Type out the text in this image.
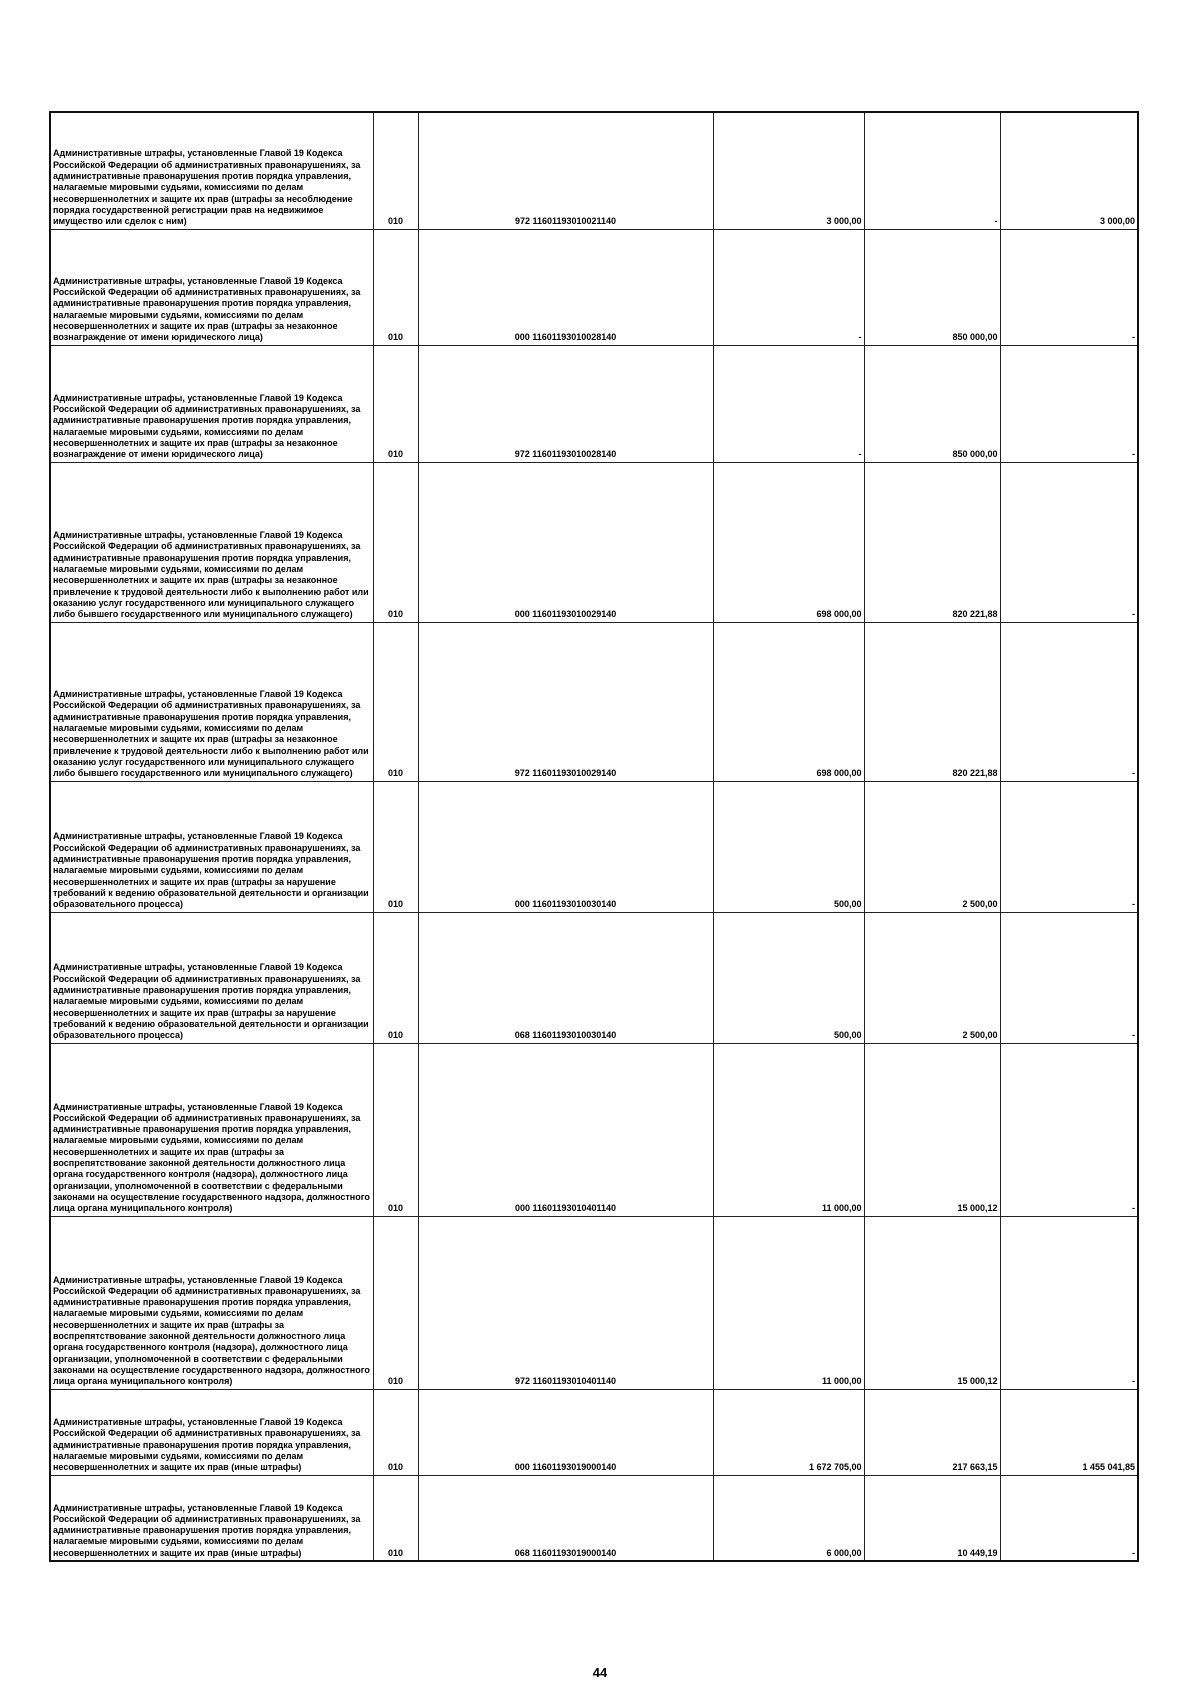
Административные штрафы, установленные Главой 19 Кодекса Российской Федерации об административных правонарушениях, за административные правонарушения против порядка управления, налагаемые мировыми судьями, комиссиями по делам несовершеннолетних и защите их прав (штрафы за несоблюдение порядка государственной регистрации прав на недвижимое имущество или сделок с ним)	010	972 11601193010021140	3 000,00	-	3 000,00
Административные штрафы, установленные Главой 19 Кодекса Российской Федерации об административных правонарушениях, за административные правонарушения против порядка управления, налагаемые мировыми судьями, комиссиями по делам несовершеннолетних и защите их прав (штрафы за незаконное вознаграждение от имени юридического лица)	010	000 11601193010028140	-	850 000,00	-
Административные штрафы, установленные Главой 19 Кодекса Российской Федерации об административных правонарушениях, за административные правонарушения против порядка управления, налагаемые мировыми судьями, комиссиями по делам несовершеннолетних и защите их прав (штрафы за незаконное вознаграждение от имени юридического лица)	010	972 11601193010028140	-	850 000,00	-
Административные штрафы, установленные Главой 19 Кодекса Российской Федерации об административных правонарушениях, за административные правонарушения против порядка управления, налагаемые мировыми судьями, комиссиями по делам несовершеннолетних и защите их прав (штрафы за незаконное привлечение к трудовой деятельности либо к выполнению работ или оказанию услуг государственного или муниципального служащего либо бывшего государственного или муниципального служащего)	010	000 11601193010029140	698 000,00	820 221,88	-
Административные штрафы, установленные Главой 19 Кодекса Российской Федерации об административных правонарушениях, за административные правонарушения против порядка управления, налагаемые мировыми судьями, комиссиями по делам несовершеннолетних и защите их прав (штрафы за незаконное привлечение к трудовой деятельности либо к выполнению работ или оказанию услуг государственного или муниципального служащего либо бывшего государственного или муниципального служащего)	010	972 11601193010029140	698 000,00	820 221,88	-
Административные штрафы, установленные Главой 19 Кодекса Российской Федерации об административных правонарушениях, за административные правонарушения против порядка управления, налагаемые мировыми судьями, комиссиями по делам несовершеннолетних и защите их прав (штрафы за нарушение требований к ведению образовательной деятельности и организации образовательного процесса)	010	000 11601193010030140	500,00	2 500,00	-
Административные штрафы, установленные Главой 19 Кодекса Российской Федерации об административных правонарушениях, за административные правонарушения против порядка управления, налагаемые мировыми судьями, комиссиями по делам несовершеннолетних и защите их прав (штрафы за нарушение требований к ведению образовательной деятельности и организации образовательного процесса)	010	068 11601193010030140	500,00	2 500,00	-
Административные штрафы, установленные Главой 19 Кодекса Российской Федерации об административных правонарушениях, за административные правонарушения против порядка управления, налагаемые мировыми судьями, комиссиями по делам несовершеннолетних и защите их прав (штрафы за воспрепятствование законной деятельности должностного лица органа государственного контроля (надзора), должностного лица организации, уполномоченной в соответствии с федеральными законами на осуществление государственного надзора, должностного лица органа муниципального контроля)	010	000 11601193010401140	11 000,00	15 000,12	-
Административные штрафы, установленные Главой 19 Кодекса Российской Федерации об административных правонарушениях, за административные правонарушения против порядка управления, налагаемые мировыми судьями, комиссиями по делам несовершеннолетних и защите их прав (штрафы за воспрепятствование законной деятельности должностного лица органа государственного контроля (надзора), должностного лица организации, уполномоченной в соответствии с федеральными законами на осуществление государственного надзора, должностного лица органа муниципального контроля)	010	972 11601193010401140	11 000,00	15 000,12	-
Административные штрафы, установленные Главой 19 Кодекса Российской Федерации об административных правонарушениях, за административные правонарушения против порядка управления, налагаемые мировыми судьями, комиссиями по делам несовершеннолетних и защите их прав (иные штрафы)	010	000 11601193019000140	1 672 705,00	217 663,15	1 455 041,85
Административные штрафы, установленные Главой 19 Кодекса Российской Федерации об административных правонарушениях, за административные правонарушения против порядка управления, налагаемые мировыми судьями, комиссиями по делам несовершеннолетних и защите их прав (иные штрафы)	010	068 11601193019000140	6 000,00	10 449,19	-
44
